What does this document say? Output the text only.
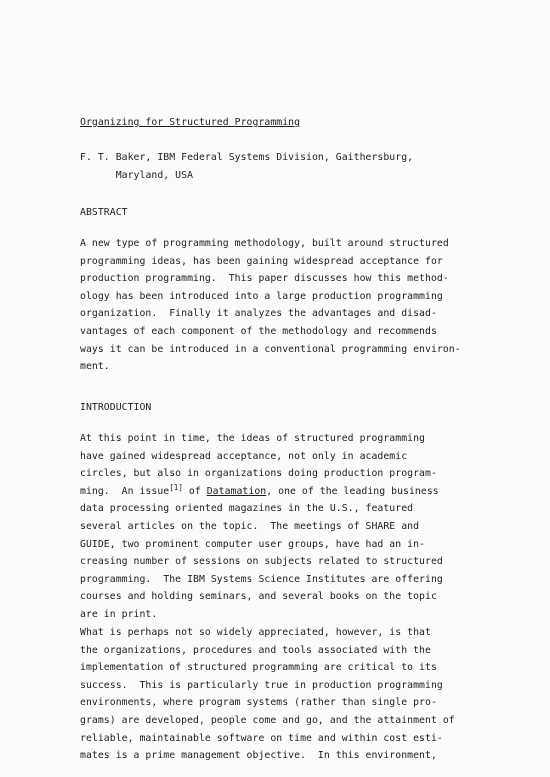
Organizing for Structured Programming
F. T. Baker, IBM Federal Systems Division, Gaithersburg,
Maryland, USA
ABSTRACT
A new type of programming methodology, built around structured
programming ideas, has been gaining widespread acceptance for
production programming.  This paper discusses how this method-
ology has been introduced into a large production programming
organization.  Finally it analyzes the advantages and disad-
vantages of each component of the methodology and recommends
ways it can be introduced in a conventional programming environ-
ment.
INTRODUCTION
At this point in time, the ideas of structured programming
have gained widespread acceptance, not only in academic
circles, but also in organizations doing production program-
ming.  An issue[1] of Datamation, one of the leading business
data processing oriented magazines in the U.S., featured
several articles on the topic.  The meetings of SHARE and
GUIDE, two prominent computer user groups, have had an in-
creasing number of sessions on subjects related to structured
programming.  The IBM Systems Science Institutes are offering
courses and holding seminars, and several books on the topic
are in print.
What is perhaps not so widely appreciated, however, is that
the organizations, procedures and tools associated with the
implementation of structured programming are critical to its
success.  This is particularly true in production programming
environments, where program systems (rather than single pro-
grams) are developed, people come and go, and the attainment of
reliable, maintainable software on time and within cost esti-
mates is a prime management objective.  In this environment,
